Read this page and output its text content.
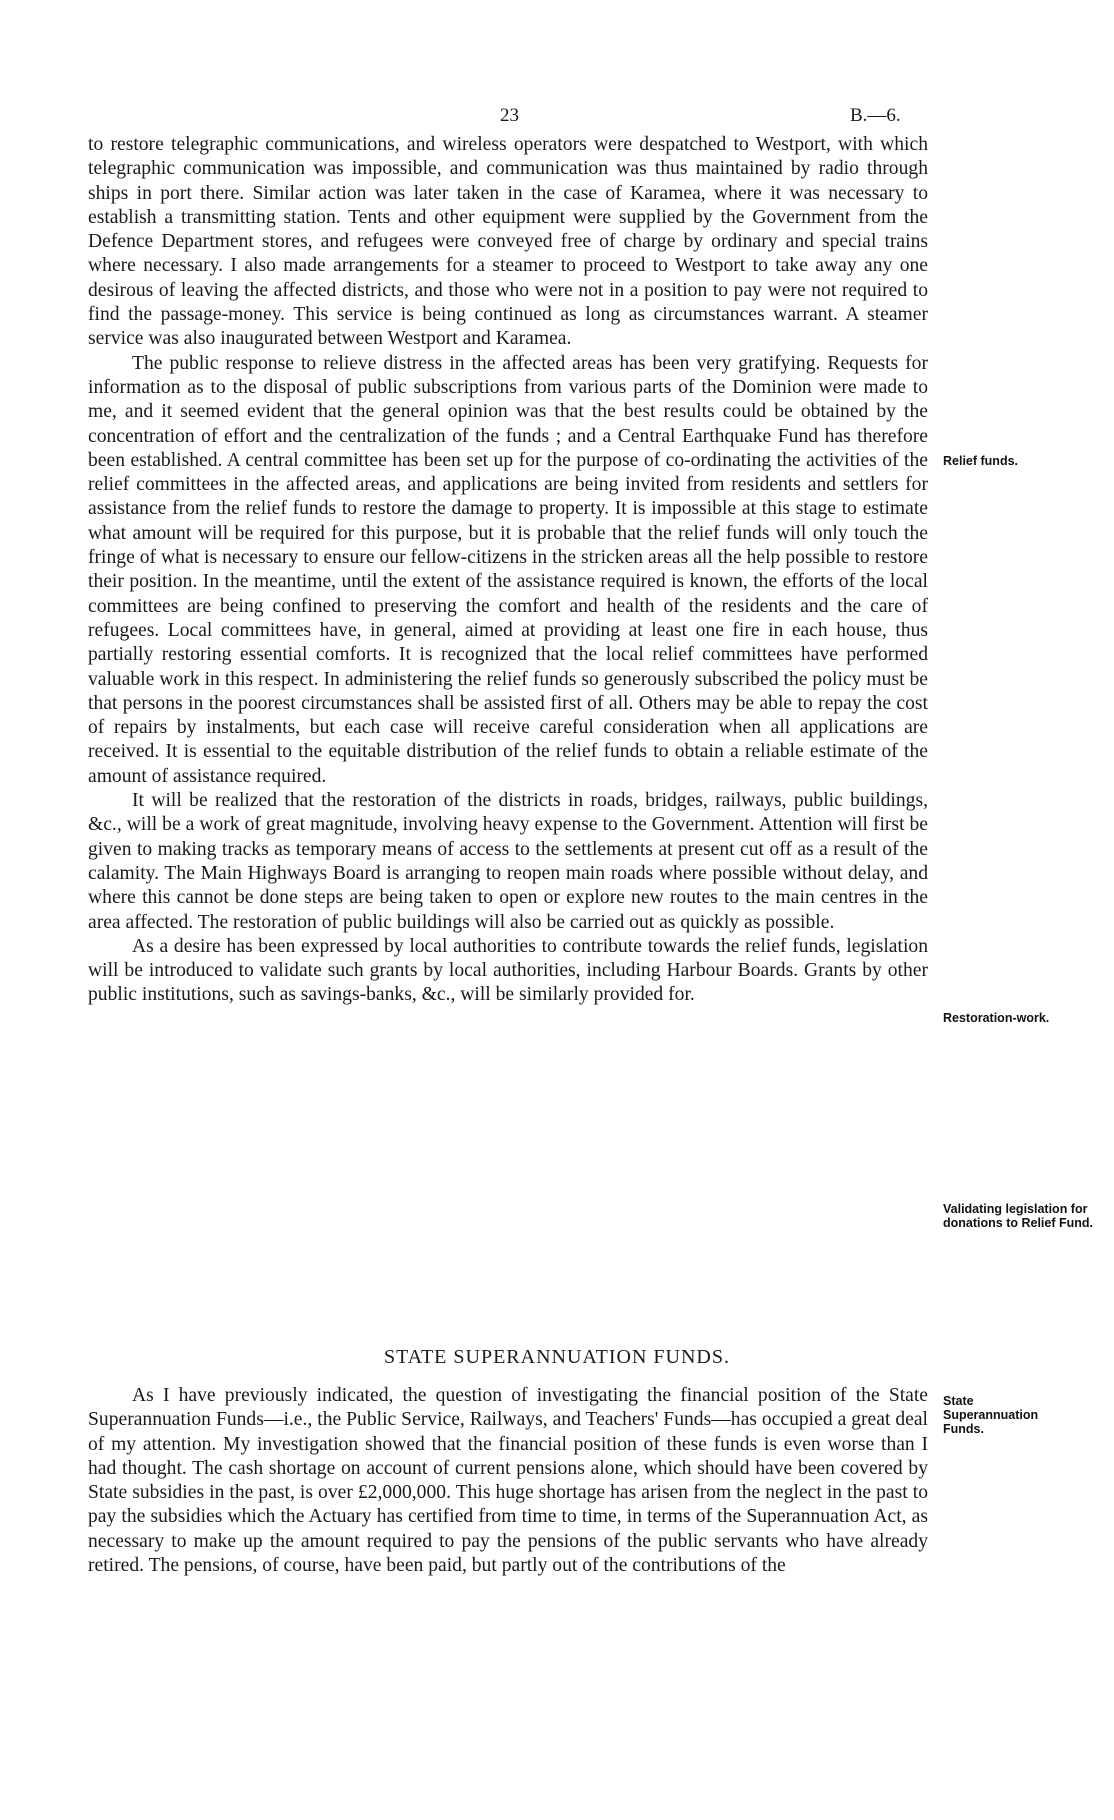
23	B.—6.

to restore telegraphic communications, and wireless operators were despatched to Westport, with which telegraphic communication was impossible, and communication was thus maintained by radio through ships in port there. Similar action was later taken in the case of Karamea, where it was necessary to establish a transmitting station. Tents and other equipment were supplied by the Government from the Defence Department stores, and refugees were conveyed free of charge by ordinary and special trains where necessary. I also made arrangements for a steamer to proceed to Westport to take away any one desirous of leaving the affected districts, and those who were not in a position to pay were not required to find the passage-money. This service is being continued as long as circumstances warrant. A steamer service was also inaugurated between Westport and Karamea.

The public response to relieve distress in the affected areas has been very gratifying. Requests for information as to the disposal of public subscriptions from various parts of the Dominion were made to me, and it seemed evident that the general opinion was that the best results could be obtained by the concentration of effort and the centralization of the funds ; and a Central Earthquake Fund has therefore been established. A central committee has been set up for the purpose of co-ordinating the activities of the relief committees in the affected areas, and applications are being invited from residents and settlers for assistance from the relief funds to restore the damage to property. It is impossible at this stage to estimate what amount will be required for this purpose, but it is probable that the relief funds will only touch the fringe of what is necessary to ensure our fellow-citizens in the stricken areas all the help possible to restore their position. In the meantime, until the extent of the assistance required is known, the efforts of the local committees are being confined to preserving the comfort and health of the residents and the care of refugees. Local committees have, in general, aimed at providing at least one fire in each house, thus partially restoring essential comforts. It is recognized that the local relief committees have performed valuable work in this respect. In administering the relief funds so generously subscribed the policy must be that persons in the poorest circumstances shall be assisted first of all. Others may be able to repay the cost of repairs by instalments, but each case will receive careful consideration when all applications are received. It is essential to the equitable distribution of the relief funds to obtain a reliable estimate of the amount of assistance required.

It will be realized that the restoration of the districts in roads, bridges, railways, public buildings, &c., will be a work of great magnitude, involving heavy expense to the Government. Attention will first be given to making tracks as temporary means of access to the settlements at present cut off as a result of the calamity. The Main Highways Board is arranging to reopen main roads where possible without delay, and where this cannot be done steps are being taken to open or explore new routes to the main centres in the area affected. The restoration of public buildings will also be carried out as quickly as possible.

As a desire has been expressed by local authorities to contribute towards the relief funds, legislation will be introduced to validate such grants by local authorities, including Harbour Boards. Grants by other public institutions, such as savings-banks, &c., will be similarly provided for.

STATE SUPERANNUATION FUNDS.

As I have previously indicated, the question of investigating the financial position of the State Superannuation Funds—i.e., the Public Service, Railways, and Teachers' Funds—has occupied a great deal of my attention. My investigation showed that the financial position of these funds is even worse than I had thought. The cash shortage on account of current pensions alone, which should have been covered by State subsidies in the past, is over £2,000,000. This huge shortage has arisen from the neglect in the past to pay the subsidies which the Actuary has certified from time to time, in terms of the Superannuation Act, as necessary to make up the amount required to pay the pensions of the public servants who have already retired. The pensions, of course, have been paid, but partly out of the contributions of the

Relief funds.
Restoration-work.
Validating legislation for donations to Relief Fund.
State Superannuation Funds.
